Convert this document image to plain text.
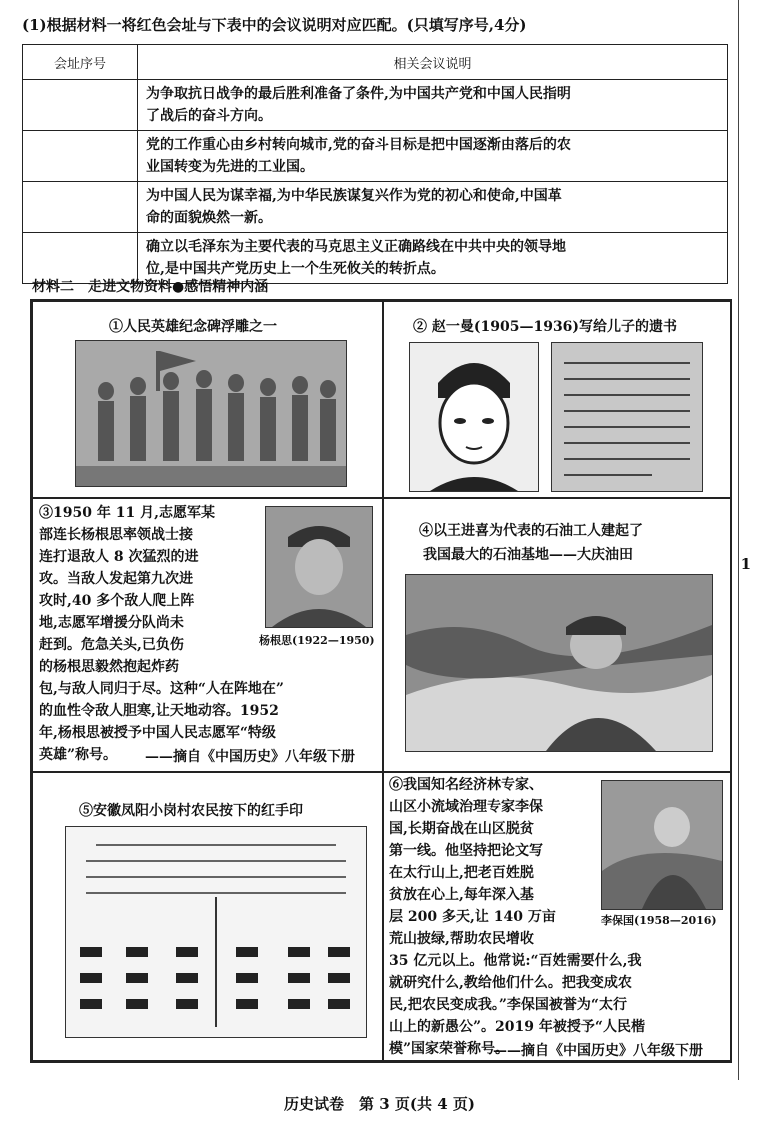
1
(1)根据材料一将红色会址与下表中的会议说明对应匹配。(只填写序号,4分)
会址序号	相关会议说明
	为争取抗日战争的最后胜利准备了条件,为中国共产党和中国人民指明
了战后的奋斗方向。
	党的工作重心由乡村转向城市,党的奋斗目标是把中国逐渐由落后的农
业国转变为先进的工业国。
	为中国人民为谋幸福,为中华民族谋复兴作为党的初心和使命,中国革
命的面貌焕然一新。
	确立以毛泽东为主要代表的马克思主义正确路线在中共中央的领导地
位,是中国共产党历史上一个生死攸关的转折点。
材料二　走进文物资料●感悟精神内涵
①人民英雄纪念碑浮雕之一	② 赵一曼(1905—1936)写给儿子的遗书
③1950 年 11 月,志愿军某
部连长杨根思率领战士接
连打退敌人 8 次猛烈的进
攻。当敌人发起第九次进
攻时,40 多个敌人爬上阵
地,志愿军增援分队尚未
赶到。危急关头,已负伤
的杨根思毅然抱起炸药
包,与敌人同归于尽。这种“人在阵地在”
的血性令敌人胆寒,让天地动容。1952
年,杨根思被授予中国人民志愿军“特级
英雄”称号。
杨根思(1922—1950)
——摘自《中国历史》八年级下册
④以王进喜为代表的石油工人建起了
我国最大的石油基地——大庆油田
⑤安徽凤阳小岗村农民按下的红手印
⑥我国知名经济林专家、
山区小流域治理专家李保
国,长期奋战在山区脱贫
第一线。他坚持把论文写
在太行山上,把老百姓脱
贫放在心上,每年深入基
层 200 多天,让 140 万亩
荒山披绿,帮助农民增收
35 亿元以上。他常说:“百姓需要什么,我
就研究什么,教给他们什么。把我变成农
民,把农民变成我。”李保国被誉为“太行
山上的新愚公”。2019 年被授予“人民楷
模”国家荣誉称号。
李保国(1958—2016)
——摘自《中国历史》八年级下册
历史试卷　第 3 页(共 4 页)
